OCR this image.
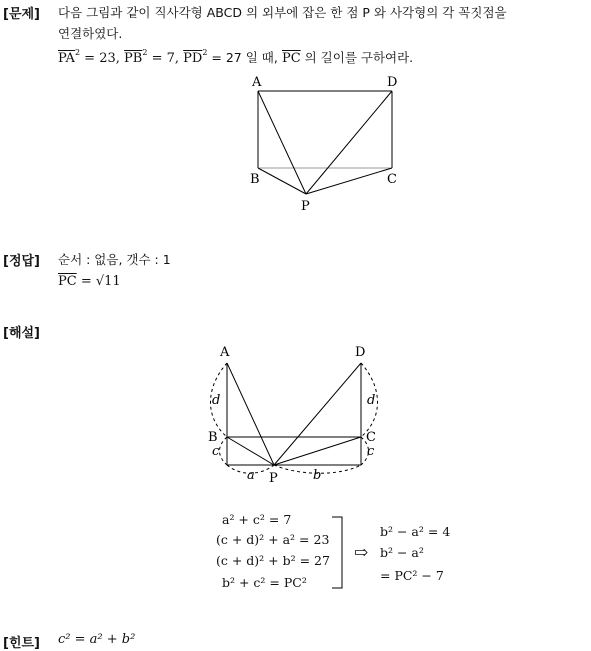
[문제] 다음 그림과 같이 직사각형 ABCD 의 외부에 잡은 한 점 P 와 사각형의 각 꼭짓점을
연결하였다.
$\overline{PA}^2 = 23$, $\overline{PB}^2 = 7$, $\overline{PD}^2 = 27$ 일 때, $\overline{PC}$ 의 길이를 구하여라.
A	D
B	C
P
[정답] 순서 : 없음, 갯수 : 1
$\overline{PC} = √11$
[해설]
A	D
B	C
P
d	d
c	c
a	b
a² + c² = 7
(c + d)² + a² = 23
(c + d)² + b² = 27
b² + c² = PC²
⇨
b² − a² = 4
b² − a²
= PC² − 7
[힌트] c² = a² + b²
